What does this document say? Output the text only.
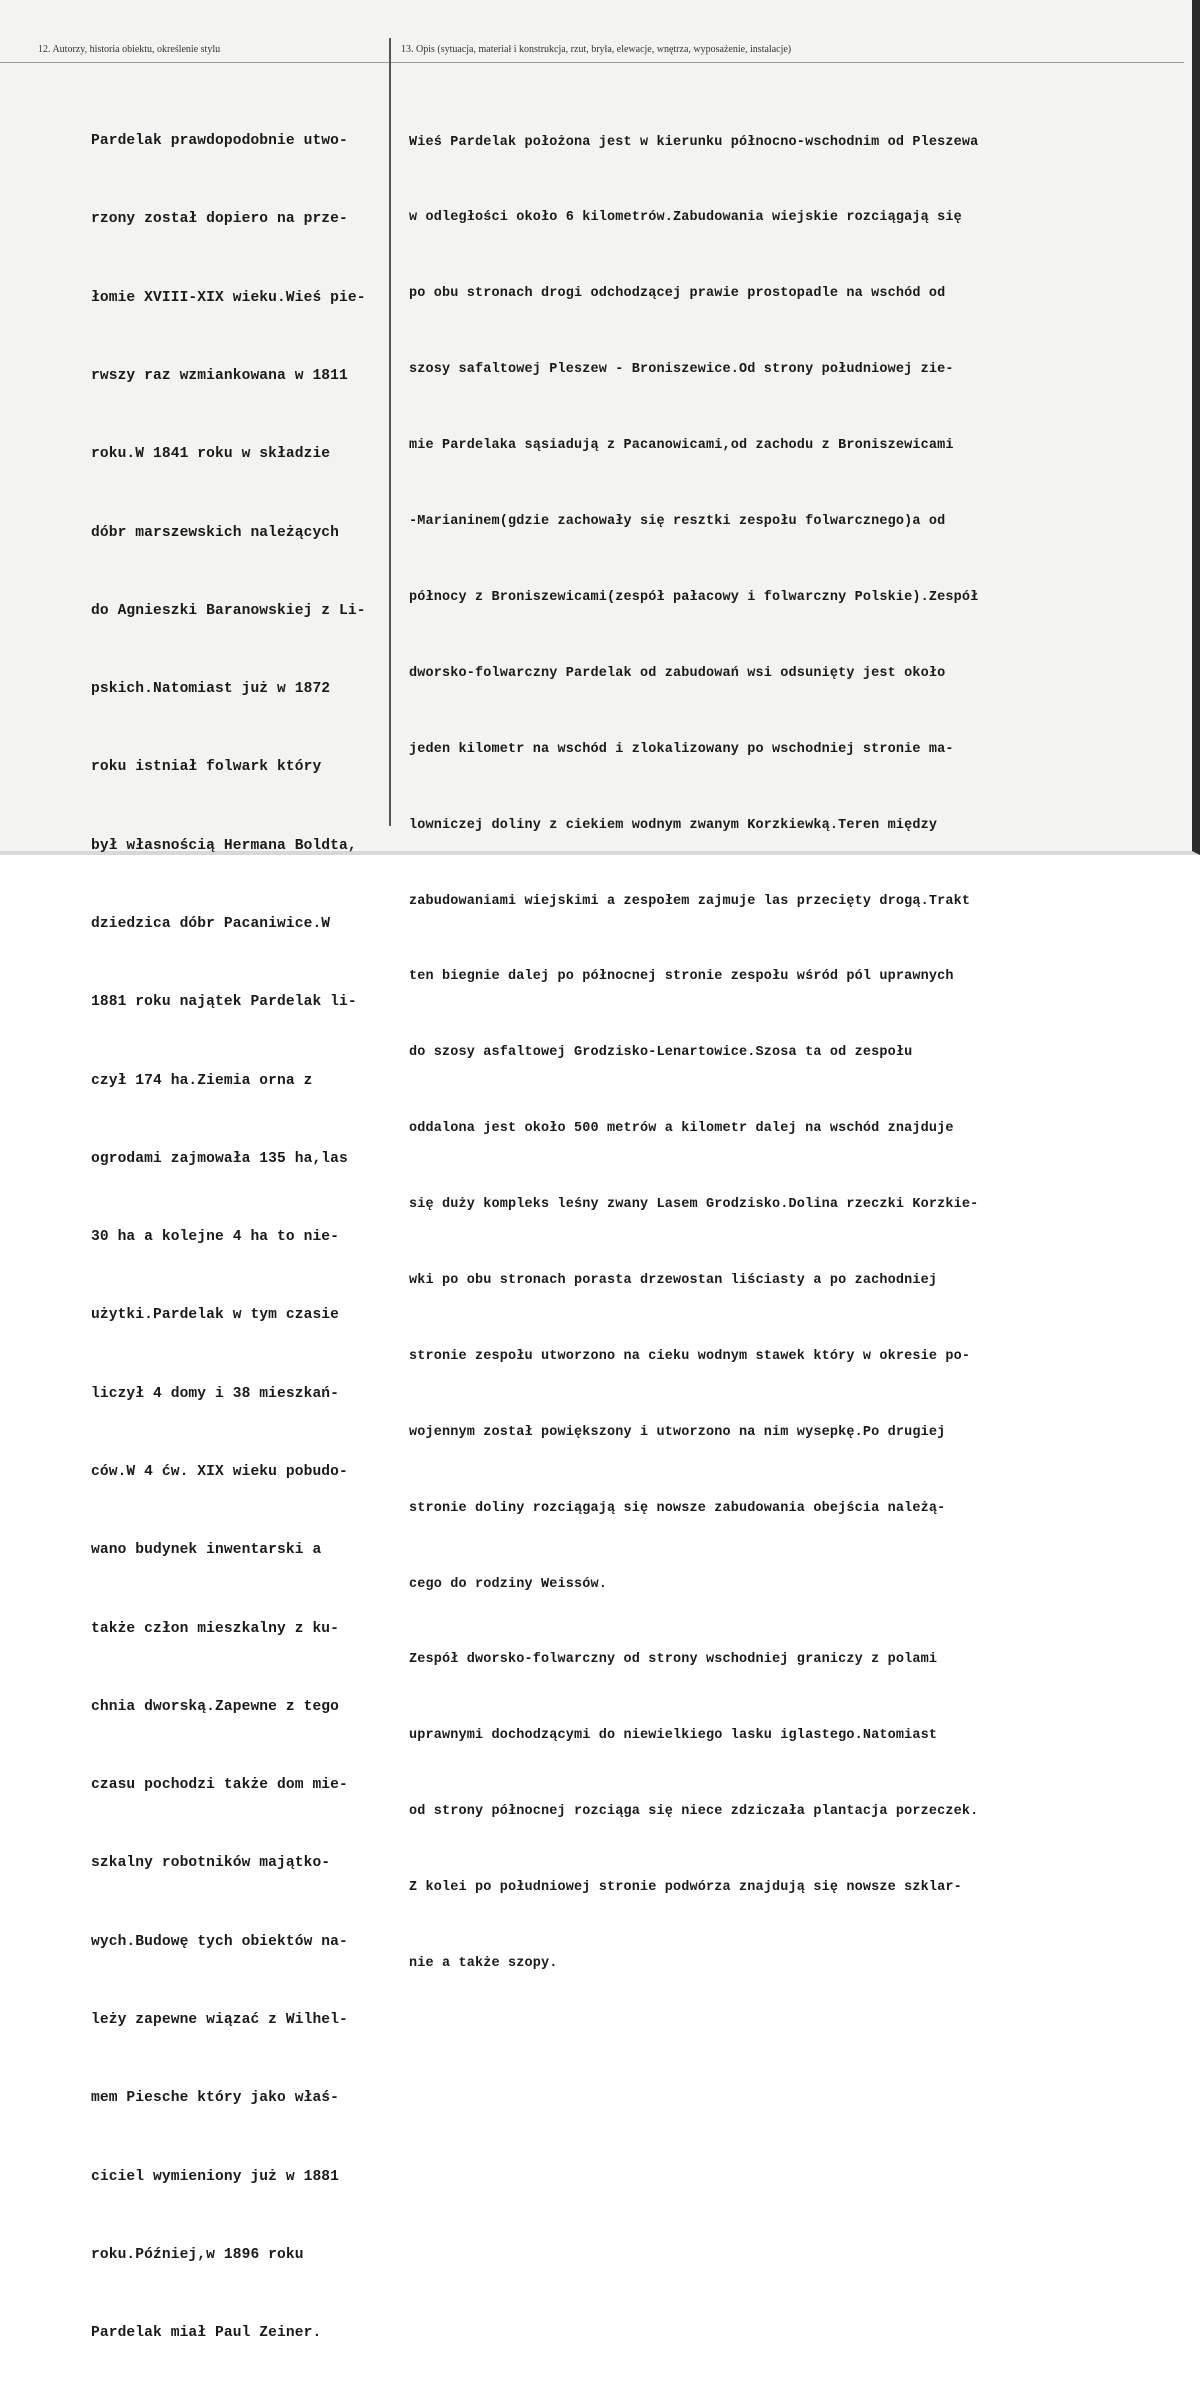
12. Autorzy, historia obiektu, określenie stylu	13. Opis (sytuacja, materiał i konstrukcja, rzut, bryła, elewacje, wnętrza, wyposażenie, instalacje)

Pardelak prawdopodobnie utwo-

rzony został dopiero na prze-

łomie XVIII-XIX wieku.Wieś pie-

rwszy raz wzmiankowana w 1811

roku.W 1841 roku w składzie

dóbr marszewskich należących

do Agnieszki Baranowskiej z Li-

pskich.Natomiast już w 1872

roku istniał folwark który

był własnością Hermana Boldta,

dziedzica dóbr Pacaniwice.W

1881 roku najątek Pardelak li-

czył 174 ha.Ziemia orna z

ogrodami zajmowała 135 ha,las

30 ha a kolejne 4 ha to nie-

użytki.Pardelak w tym czasie

liczył 4 domy i 38 mieszkań-

ców.W 4 ćw. XIX wieku pobudo-

wano budynek inwentarski a

także człon mieszkalny z ku-

chnia dworską.Zapewne z tego

czasu pochodzi także dom mie-

szkalny robotników majątko-

wych.Budowę tych obiektów na-

leży zapewne wiązać z Wilhel-

mem Piesche który jako właś-

ciciel wymieniony już w 1881

roku.Później,w 1896 roku

Pardelak miał Paul Zeiner.

Wieś Pardelak położona jest w kierunku północno-wschodnim od Pleszewa

w odległości około 6 kilometrów.Zabudowania wiejskie rozciągają się

po obu stronach drogi odchodzącej prawie prostopadle na wschód od

szosy safaltowej Pleszew - Broniszewice.Od strony południowej zie-

mie Pardelaka sąsiadują z Pacanowicami,od zachodu z Broniszewicami

-Marianinem(gdzie zachowały się resztki zespołu folwarcznego)a od

północy z Broniszewicami(zespół pałacowy i folwarczny Polskie).Zespół

dworsko-folwarczny Pardelak od zabudowań wsi odsunięty jest około

jeden kilometr na wschód i zlokalizowany po wschodniej stronie ma-

lowniczej doliny z ciekiem wodnym zwanym Korzkiewką.Teren między

zabudowaniami wiejskimi a zespołem zajmuje las przecięty drogą.Trakt

ten biegnie dalej po północnej stronie zespołu wśród pól uprawnych

do szosy asfaltowej Grodzisko-Lenartowice.Szosa ta od zespołu

oddalona jest około 500 metrów a kilometr dalej na wschód znajduje

się duży kompleks leśny zwany Lasem Grodzisko.Dolina rzeczki Korzkie-

wki po obu stronach porasta drzewostan liściasty a po zachodniej

stronie zespołu utworzono na cieku wodnym stawek który w okresie po-

wojennym został powiększony i utworzono na nim wysepkę.Po drugiej

stronie doliny rozciągają się nowsze zabudowania obejścia należą-

cego do rodziny Weissów.

Zespół dworsko-folwarczny od strony wschodniej graniczy z polami

uprawnymi dochodzącymi do niewielkiego lasku iglastego.Natomiast

od strony północnej rozciąga się niece zdziczała plantacja porzeczek.

Z kolei po południowej stronie podwórza znajdują się nowsze szklar-

nie a także szopy.
